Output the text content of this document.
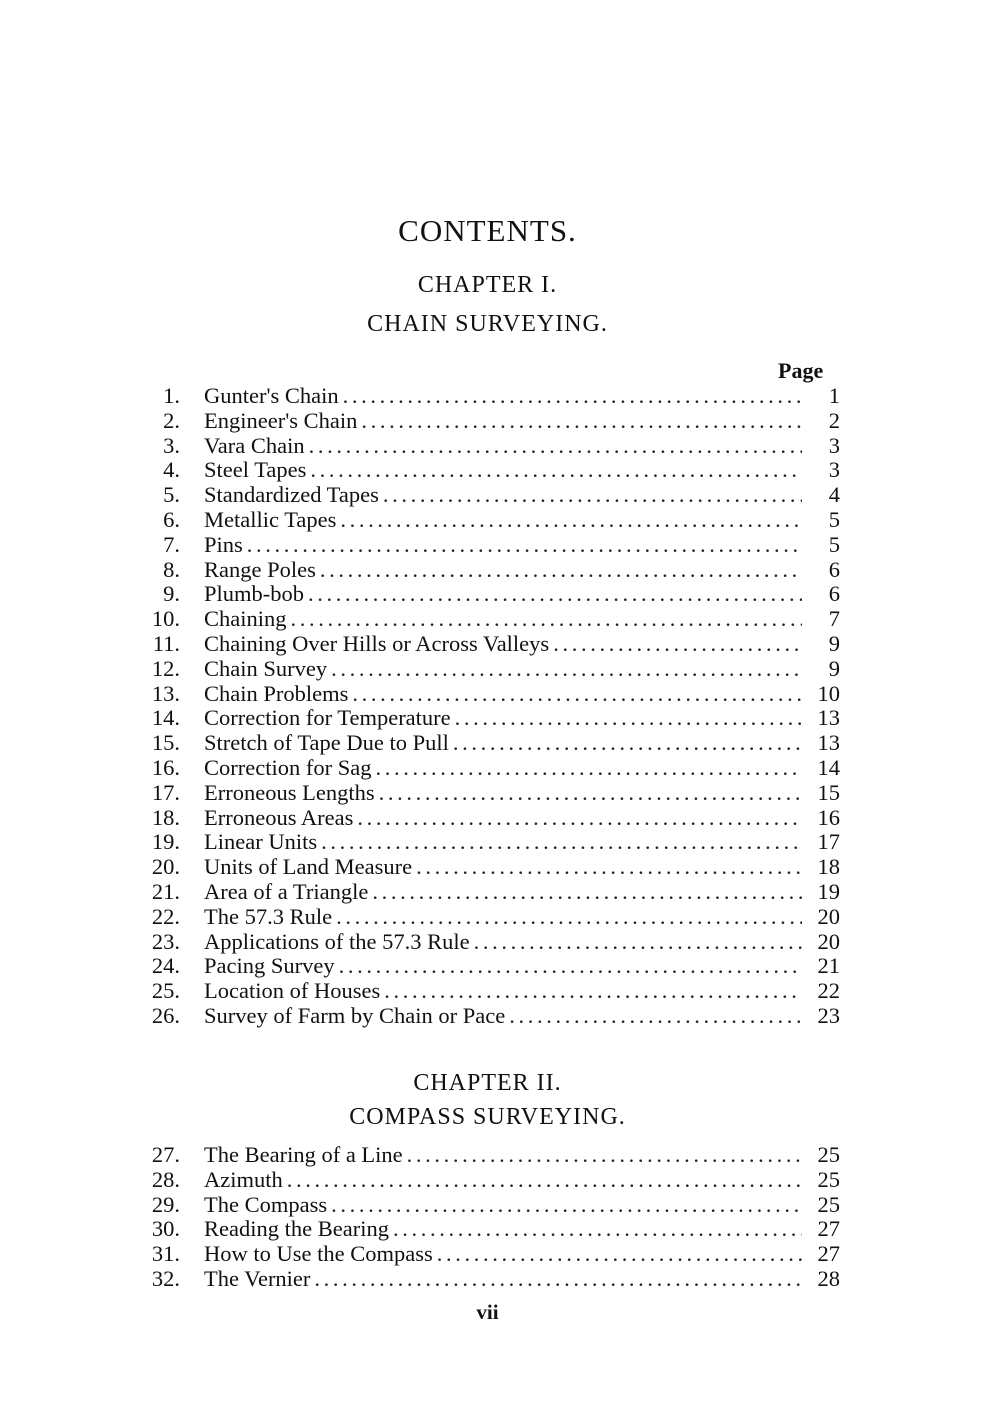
CONTENTS.
CHAPTER I.
CHAIN SURVEYING.
Page
1. Gunter's Chain . . .	1
2. Engineer's Chain . . .	2
3. Vara Chain . . .	3
4. Steel Tapes . . .	3
5. Standardized Tapes . . .	4
6. Metallic Tapes . . .	5
7. Pins . . .	5
8. Range Poles . . .	6
9. Plumb-bob . . .	6
10. Chaining . . .	7
11. Chaining Over Hills or Across Valleys . . .	9
12. Chain Survey . . .	9
13. Chain Problems . . .	10
14. Correction for Temperature . . .	13
15. Stretch of Tape Due to Pull . . .	13
16. Correction for Sag . . .	14
17. Erroneous Lengths . . .	15
18. Erroneous Areas . . .	16
19. Linear Units . . .	17
20. Units of Land Measure . . .	18
21. Area of a Triangle . . .	19
22. The 57.3 Rule . . .	20
23. Applications of the 57.3 Rule . . .	20
24. Pacing Survey . . .	21
25. Location of Houses . . .	22
26. Survey of Farm by Chain or Pace . . .	23
CHAPTER II.
COMPASS SURVEYING.
27. The Bearing of a Line . . .	25
28. Azimuth . . .	25
29. The Compass . . .	25
30. Reading the Bearing . . .	27
31. How to Use the Compass . . .	27
32. The Vernier . . .	28
vii
